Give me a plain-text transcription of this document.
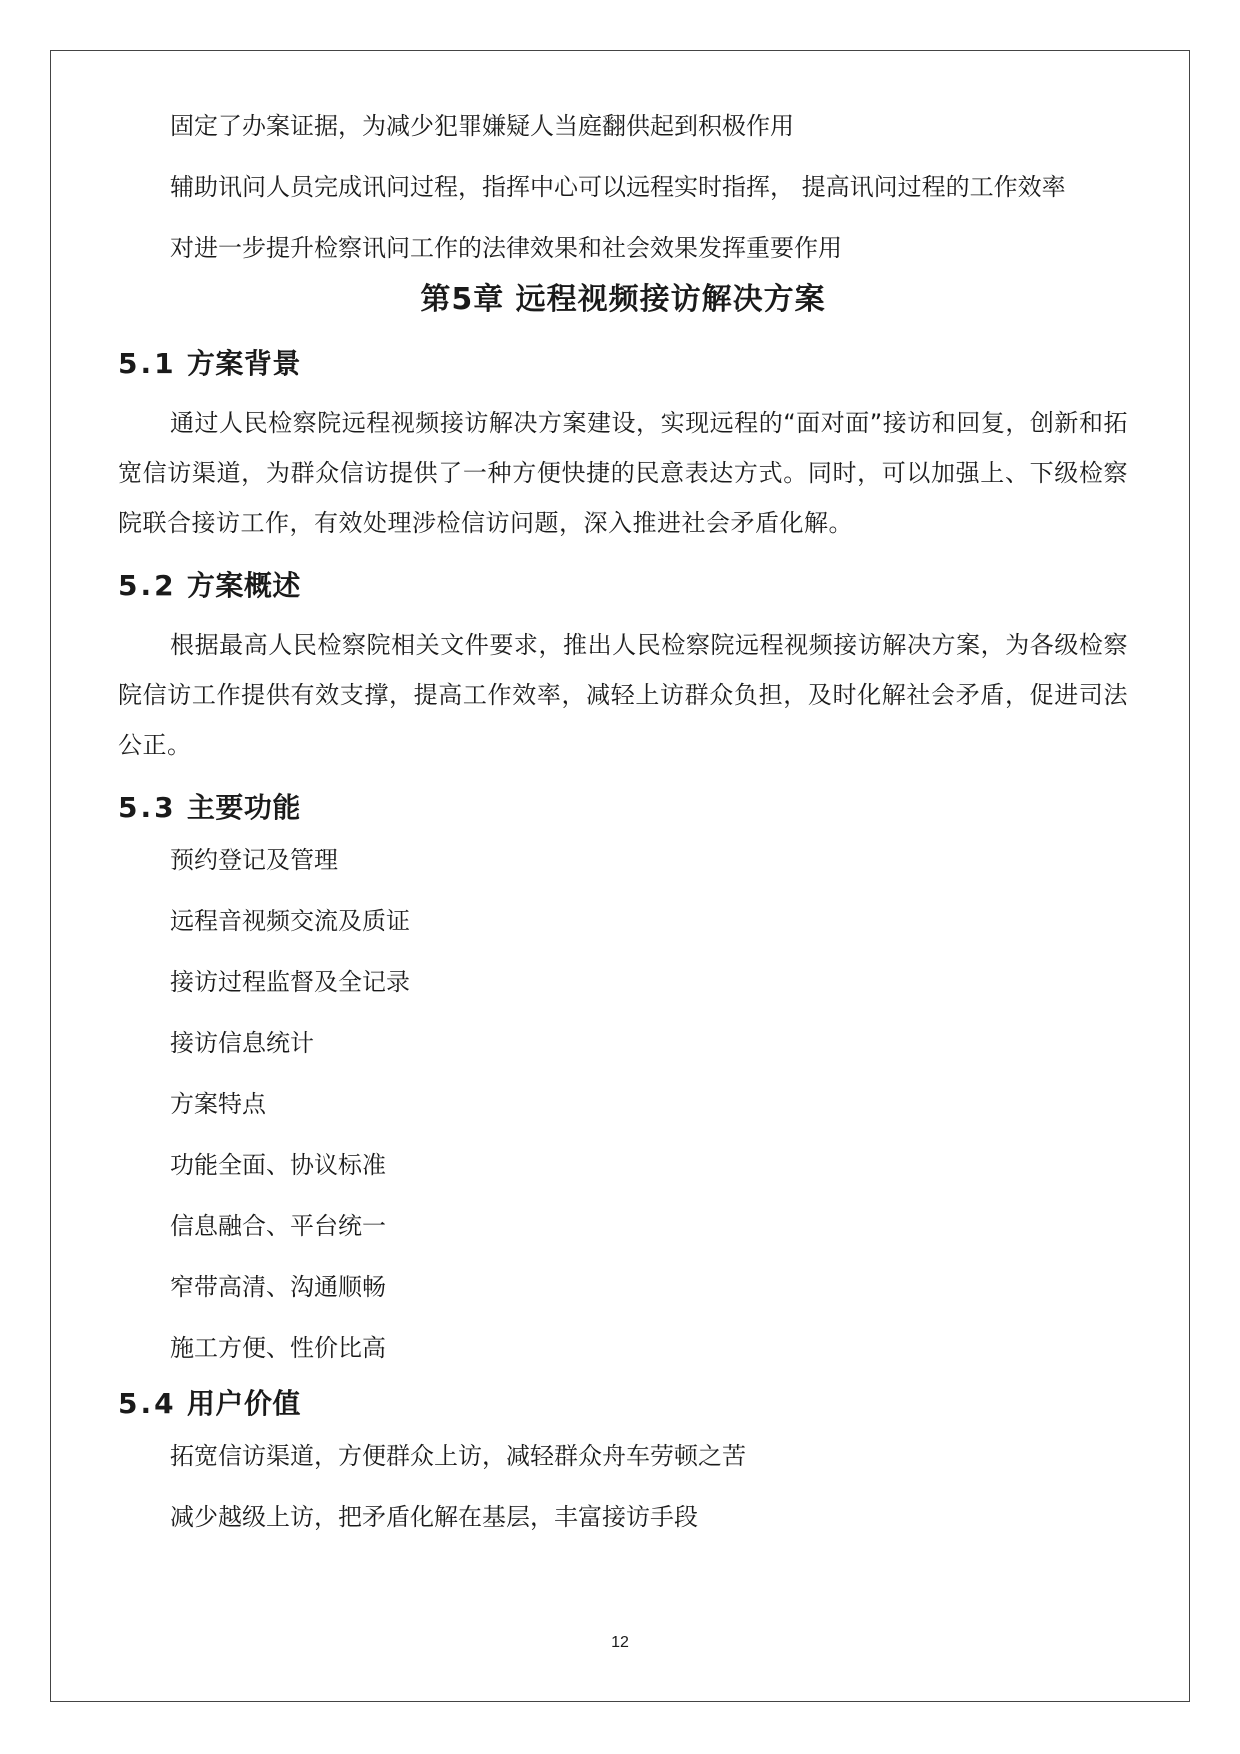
固定了办案证据，为减少犯罪嫌疑人当庭翻供起到积极作用

辅助讯问人员完成讯问过程，指挥中心可以远程实时指挥， 提高讯问过程的工作效率

对进一步提升检察讯问工作的法律效果和社会效果发挥重要作用

第5章 远程视频接访解决方案
5.1 方案背景

通过人民检察院远程视频接访解决方案建设，实现远程的“面对面”接访和回复，创新和拓宽信访渠道，为群众信访提供了一种方便快捷的民意表达方式。同时，可以加强上、下级检察院联合接访工作，有效处理涉检信访问题，深入推进社会矛盾化解。

5.2 方案概述

根据最高人民检察院相关文件要求，推出人民检察院远程视频接访解决方案，为各级检察院信访工作提供有效支撑，提高工作效率，减轻上访群众负担，及时化解社会矛盾，促进司法公正。

5.3 主要功能

预约登记及管理

远程音视频交流及质证

接访过程监督及全记录

接访信息统计

方案特点

功能全面、协议标准

信息融合、平台统一

窄带高清、沟通顺畅

施工方便、性价比高

5.4 用户价值

拓宽信访渠道，方便群众上访，减轻群众舟车劳顿之苦

减少越级上访，把矛盾化解在基层，丰富接访手段

12
